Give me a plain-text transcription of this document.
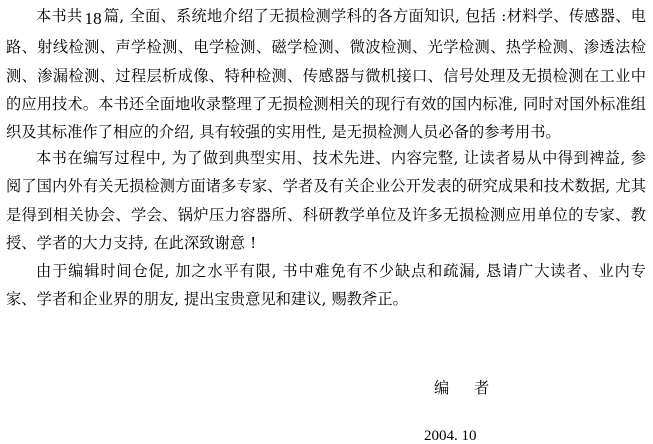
本书共 18 篇, 全面、系统地介绍了无损检测学科的各方面知识, 包括 :材料学、传感器、电路、射线检测、声学检测、电学检测、磁学检测、微波检测、光学检测、热学检测、渗透法检测、渗漏检测、过程层析成像、特种检测、传感器与微机接口、信号处理及无损检测在工业中的应用技术。本书还全面地收录整理了无损检测相关的现行有效的国内标准, 同时对国外标准组织及其标准作了相应的介绍, 具有较强的实用性, 是无损检测人员必备的参考用书。

本书在编写过程中, 为了做到典型实用、技术先进、内容完整, 让读者易从中得到裨益, 参阅了国内外有关无损检测方面诸多专家、学者及有关企业公开发表的研究成果和技术数据, 尤其是得到相关协会、学会、锅炉压力容器所、科研教学单位及许多无损检测应用单位的专家、教授、学者的大力支持, 在此深致谢意 !

由于编辑时间仓促, 加之水平有限, 书中难免有不少缺点和疏漏, 恳请广大读者、业内专家、学者和企业界的朋友, 提出宝贵意见和建议, 赐教斧正。

编 者
2004. 10
